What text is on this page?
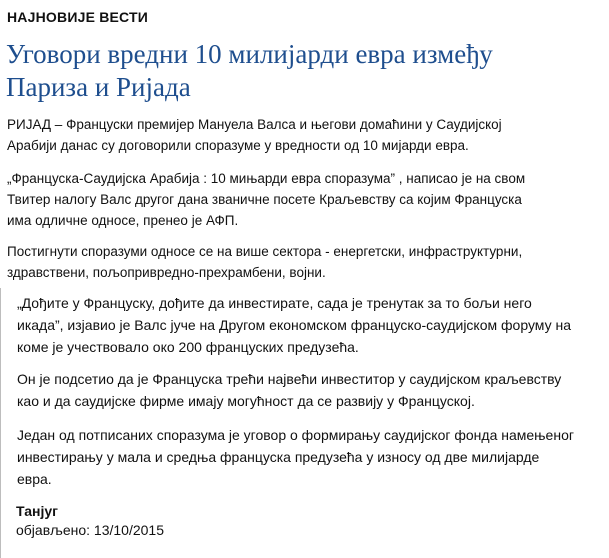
НАЈНОВИЈЕ ВЕСТИ
Уговори вредни 10 милијарди евра између
Париза и Ријада

РИЈАД – Француски премијер Мануела Валса и његови домаћини у Саудијској
Арабији данас су договорили споразуме у вредности од 10 мијарди евра.

„Француска-Саудијска Арабија : 10 мињарди евра споразума” , написао је на свом
Твитер налогу Валс другог дана званичне посете Краљевству са којим Француска
има одличне односе, пренео је АФП.

Постигнути споразуми односе се на више сектора - енергетски, инфраструктурни,
здравствени, пољопривредно-прехрамбени, војни.

„Дођите у Француску, дођите да инвестирате, сада је тренутак за то бољи него
икада”, изјавио је Валс јуче на Другом економском француско-саудијском форуму на
коме је учествовало око 200 француских предузећа.

Он је подсетио да је Француска трећи највећи инвеститор у саудијском краљевству
као и да саудијске фирме имају могућност да се развију у Француској.

Један од потписаних споразума је уговор о формирању саудијског фонда намењеног
инвестирању у мала и средња француска предузећа у износу од две милијарде
евра.

Танјуг
објављено: 13/10/2015
